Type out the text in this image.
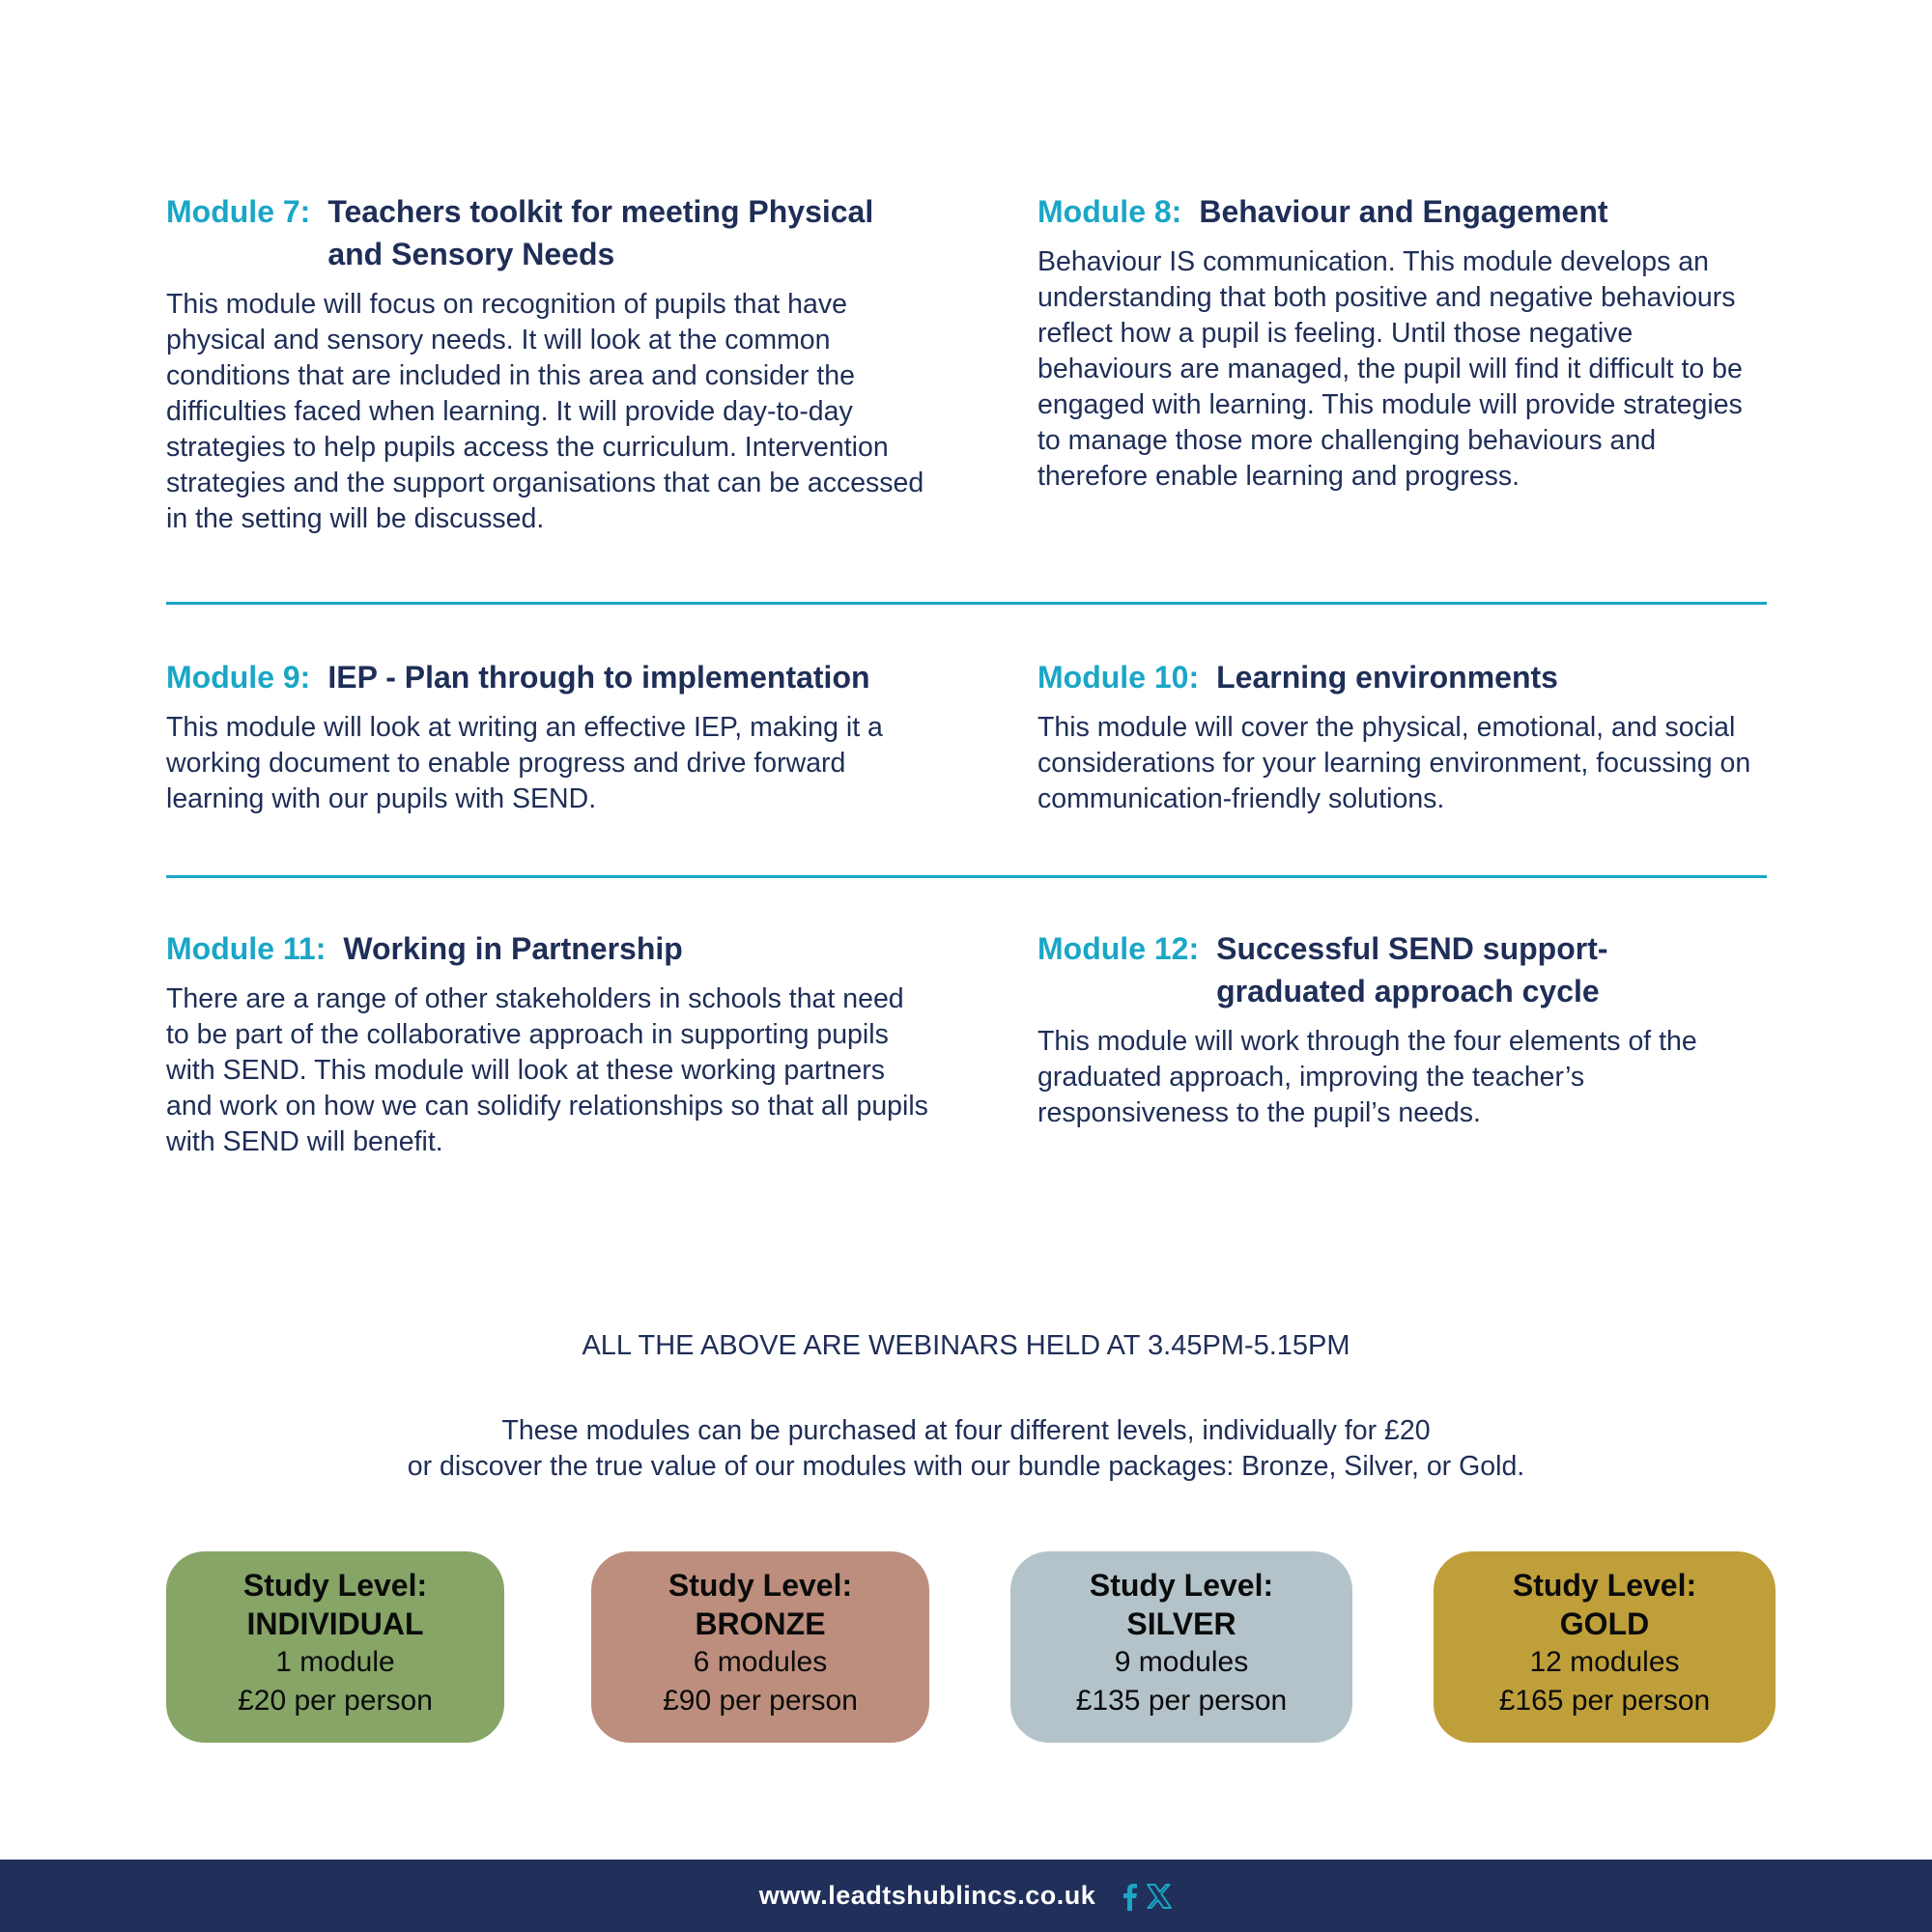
Module 7: Teachers toolkit for meeting Physical and Sensory Needs

This module will focus on recognition of pupils that have physical and sensory needs. It will look at the common conditions that are included in this area and consider the difficulties faced when learning. It will provide day-to-day strategies to help pupils access the curriculum. Intervention strategies and the support organisations that can be accessed in the setting will be discussed.

Module 8: Behaviour and Engagement

Behaviour IS communication. This module develops an understanding that both positive and negative behaviours reflect how a pupil is feeling. Until those negative behaviours are managed, the pupil will find it difficult to be engaged with learning. This module will provide strategies to manage those more challenging behaviours and therefore enable learning and progress.

Module 9: IEP - Plan through to implementation

This module will look at writing an effective IEP, making it a working document to enable progress and drive forward learning with our pupils with SEND.

Module 10: Learning environments

This module will cover the physical, emotional, and social considerations for your learning environment, focussing on communication-friendly solutions.

Module 11: Working in Partnership

There are a range of other stakeholders in schools that need to be part of the collaborative approach in supporting pupils with SEND. This module will look at these working partners and work on how we can solidify relationships so that all pupils with SEND will benefit.

Module 12: Successful SEND support-graduated approach cycle

This module will work through the four elements of the graduated approach, improving the teacher’s responsiveness to the pupil’s needs.

ALL THE ABOVE ARE WEBINARS HELD AT 3.45PM-5.15PM
These modules can be purchased at four different levels, individually for £20
or discover the true value of our modules with our bundle packages: Bronze, Silver, or Gold.
Study Level:
INDIVIDUAL
1 module
£20 per person
Study Level:
BRONZE
6 modules
£90 per person
Study Level:
SILVER
9 modules
£135 per person
Study Level:
GOLD
12 modules
£165 per person
www.leadtshublincs.co.uk
